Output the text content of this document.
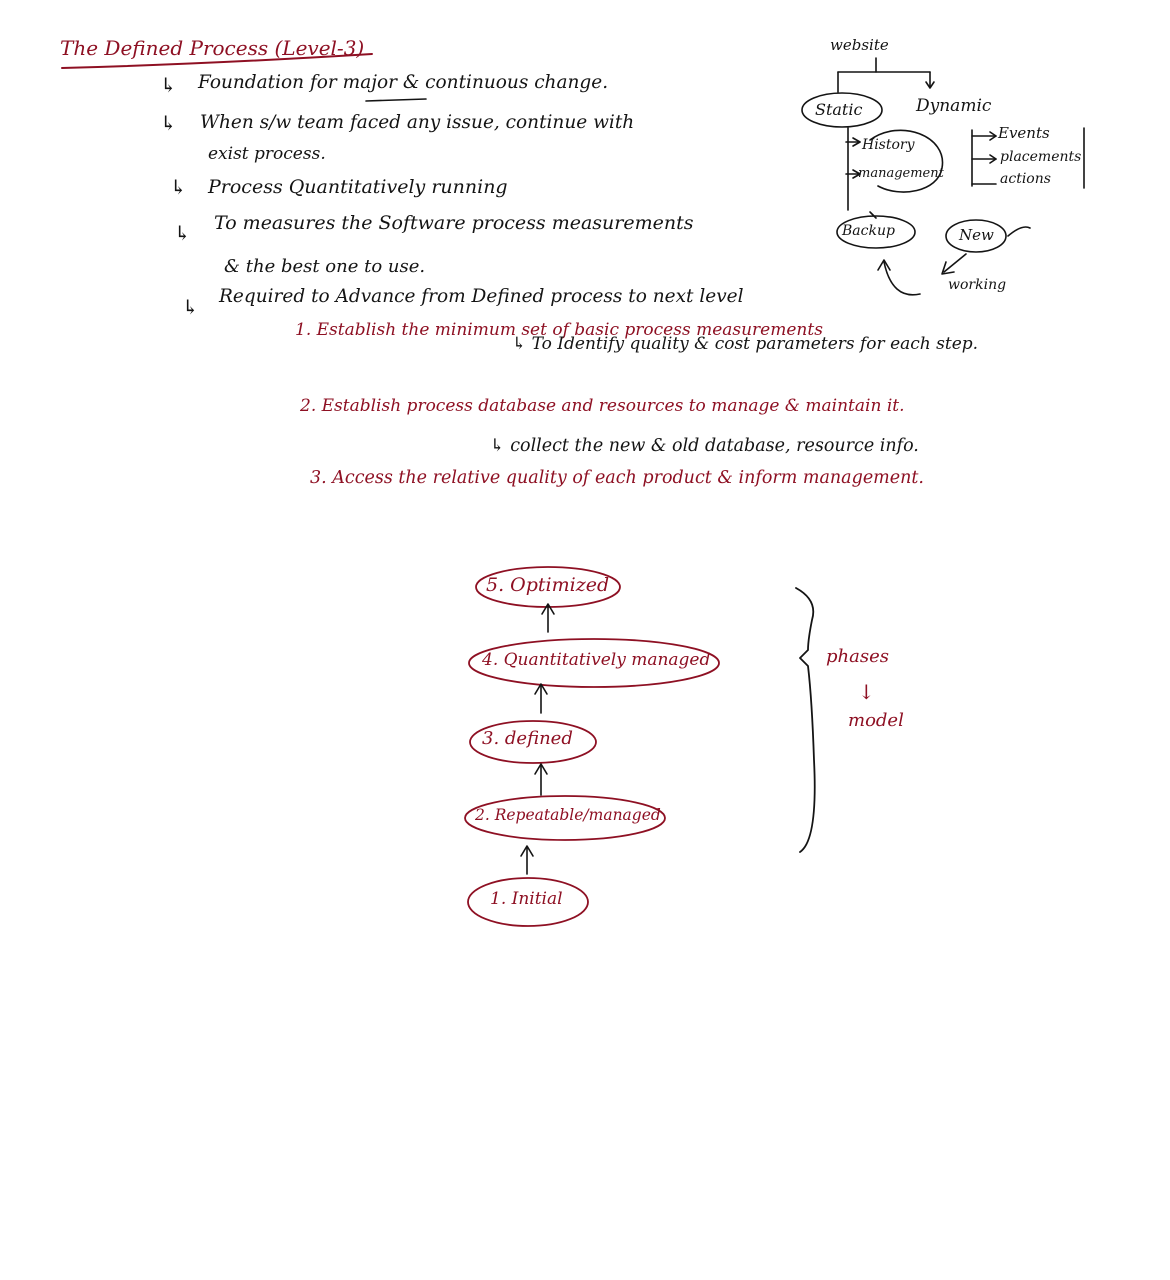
The Defined Process (Level-3)
↳ Foundation for major & continuous change.
↳ When s/w team faced any issue, continue with
exist process.
↳ Process Quantitatively running
↳ To measures the Software process measurements
& the best one to use.
↳ Required to Advance from Defined process to next level
1. Establish the minimum set of basic process measurements
↳ To Identify quality & cost parameters for each step.
2. Establish process database and resources to manage & maintain it.
↳ collect the new & old database, resource info.
3. Access the relative quality of each product & inform management.
website
Static	Dynamic
History
management
Events
placements
actions
Backup	New
working
5. Optimized
4. Quantitatively managed
3. defined
2. Repeatable/managed
1. Initial
phases
↓
model
